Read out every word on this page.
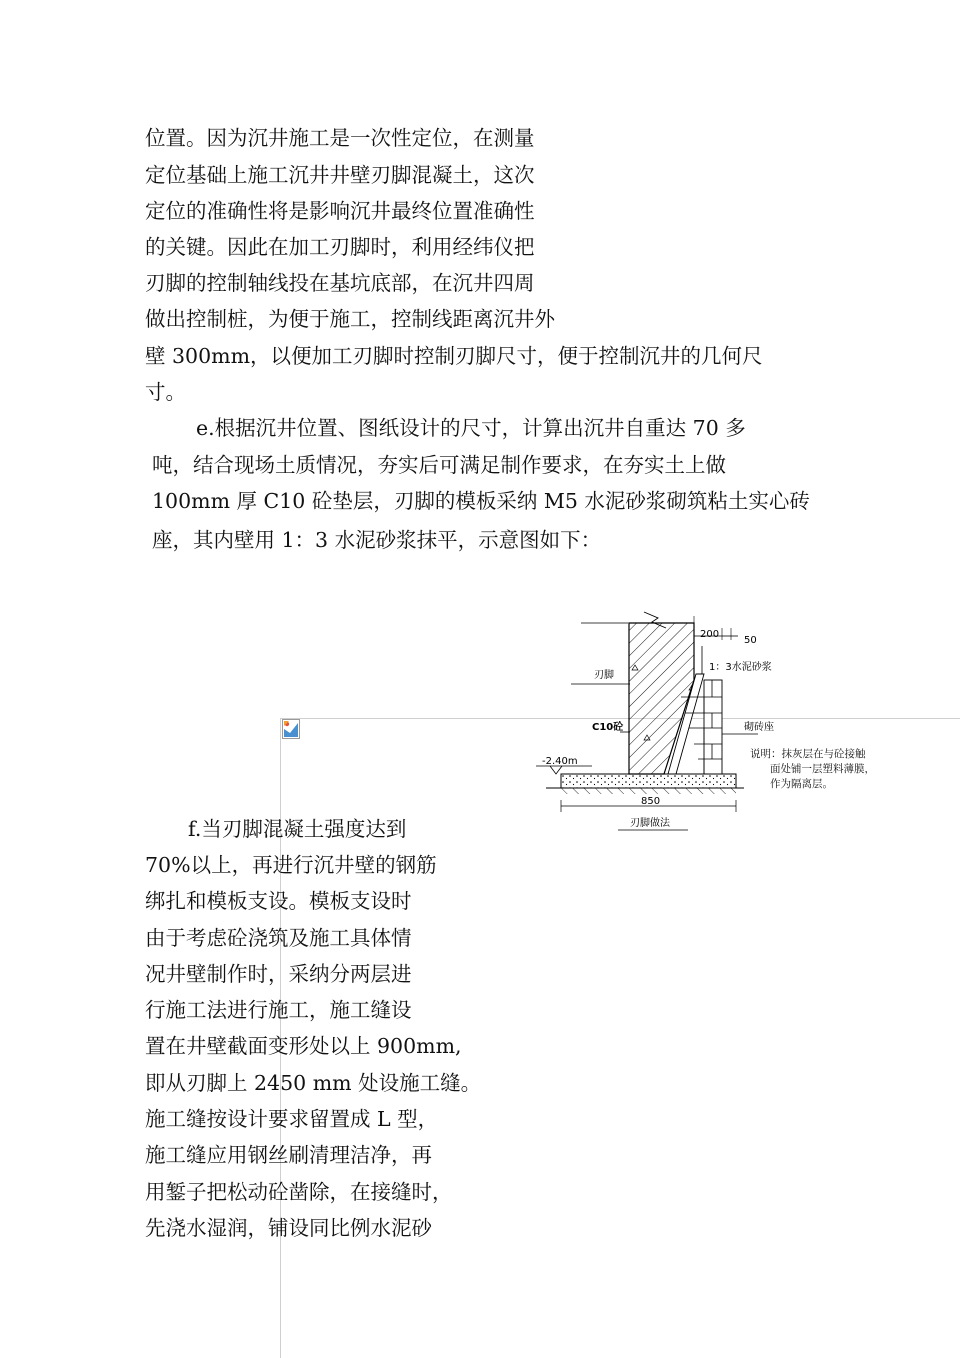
位置。因为沉井施工是一次性定位，在测量

定位基础上施工沉井井壁刃脚混凝土，这次

定位的准确性将是影响沉井最终位置准确性

的关键。因此在加工刃脚时，利用经纬仪把

刃脚的控制轴线投在基坑底部，在沉井四周

做出控制桩，为便于施工，控制线距离沉井外

壁 300mm，以便加工刃脚时控制刃脚尺寸，便于控制沉井的几何尺

寸。

e.根据沉井位置、图纸设计的尺寸，计算出沉井自重达 70 多

吨，结合现场土质情况，夯实后可满足制作要求，在夯实土上做

100mm 厚 C10 砼垫层，刃脚的模板采纳 M5 水泥砂浆砌筑粘土实心砖

座，其内壁用 1：3 水泥砂浆抹平，示意图如下：

-2.40m
200
50
1：3水泥砂浆
刃脚
C10砼	砌砖座
850
刃脚做法
说明：抹灰层在与砼接触
面处铺一层塑料薄膜，
作为隔离层。

f.当刃脚混凝土强度达到

70%以上，再进行沉井壁的钢筋

绑扎和模板支设。模板支设时

由于考虑砼浇筑及施工具体情

况井壁制作时，采纳分两层进

行施工法进行施工，施工缝设

置在井壁截面变形处以上 900mm,

即从刃脚上 2450 mm 处设施工缝。

施工缝按设计要求留置成 L 型，

施工缝应用钢丝刷清理洁净，再

用錾子把松动砼凿除，在接缝时，

先浇水湿润，铺设同比例水泥砂
